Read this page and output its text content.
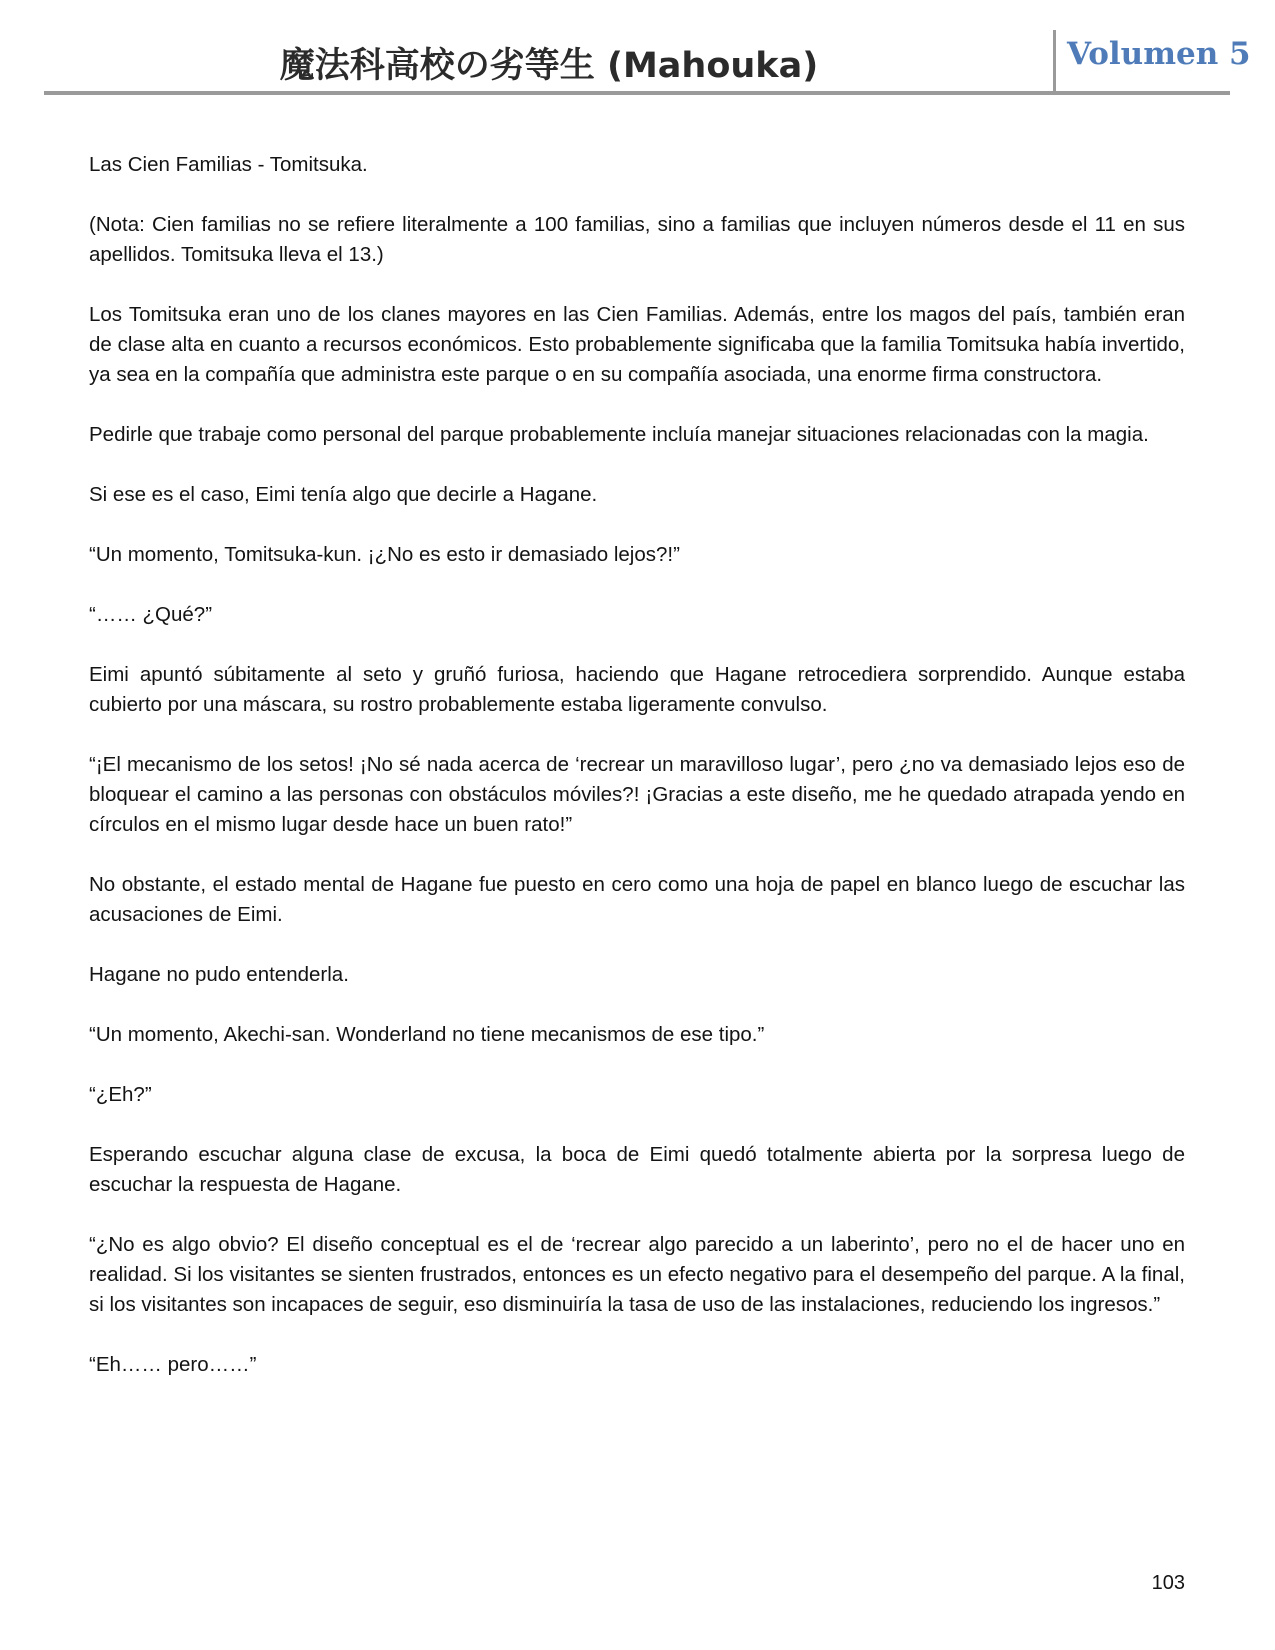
魔法科高校の劣等生 (Mahouka)	Volumen 5

Las Cien Familias - Tomitsuka.

(Nota: Cien familias no se refiere literalmente a 100 familias, sino a familias que incluyen números desde el 11 en sus apellidos. Tomitsuka lleva el 13.)

Los Tomitsuka eran uno de los clanes mayores en las Cien Familias. Además, entre los magos del país, también eran de clase alta en cuanto a recursos económicos. Esto probablemente significaba que la familia Tomitsuka había invertido, ya sea en la compañía que administra este parque o en su compañía asociada, una enorme firma constructora.

Pedirle que trabaje como personal del parque probablemente incluía manejar situaciones relacionadas con la magia.

Si ese es el caso, Eimi tenía algo que decirle a Hagane.

“Un momento, Tomitsuka-kun. ¡¿No es esto ir demasiado lejos?!”

“…… ¿Qué?”

Eimi apuntó súbitamente al seto y gruñó furiosa, haciendo que Hagane retrocediera sorprendido. Aunque estaba cubierto por una máscara, su rostro probablemente estaba ligeramente convulso.

“¡El mecanismo de los setos! ¡No sé nada acerca de ‘recrear un maravilloso lugar’, pero ¿no va demasiado lejos eso de bloquear el camino a las personas con obstáculos móviles?! ¡Gracias a este diseño, me he quedado atrapada yendo en círculos en el mismo lugar desde hace un buen rato!”

No obstante, el estado mental de Hagane fue puesto en cero como una hoja de papel en blanco luego de escuchar las acusaciones de Eimi.

Hagane no pudo entenderla.

“Un momento, Akechi-san. Wonderland no tiene mecanismos de ese tipo.”

“¿Eh?”

Esperando escuchar alguna clase de excusa, la boca de Eimi quedó totalmente abierta por la sorpresa luego de escuchar la respuesta de Hagane.

“¿No es algo obvio? El diseño conceptual es el de ‘recrear algo parecido a un laberinto’, pero no el de hacer uno en realidad. Si los visitantes se sienten frustrados, entonces es un efecto negativo para el desempeño del parque. A la final, si los visitantes son incapaces de seguir, eso disminuiría la tasa de uso de las instalaciones, reduciendo los ingresos.”

“Eh…… pero……”

103
